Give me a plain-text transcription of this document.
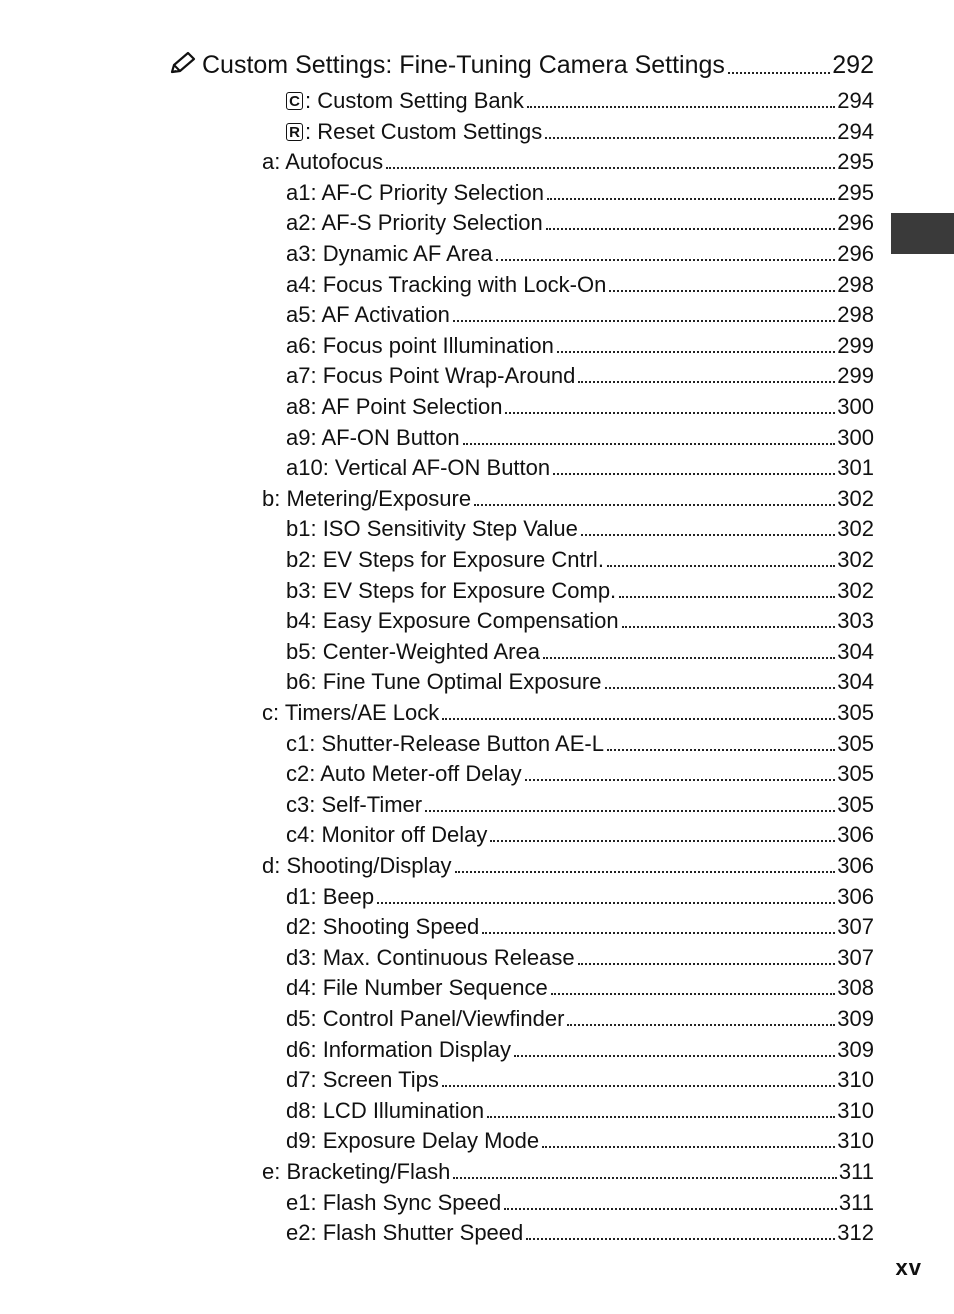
Custom Settings: Fine-Tuning Camera Settings	292
C : Custom Setting Bank	294
R : Reset Custom Settings	294
a: Autofocus	295
a1: AF-C Priority Selection	295
a2: AF-S Priority Selection	296
a3: Dynamic AF Area	296
a4: Focus Tracking with Lock-On	298
a5: AF Activation	298
a6: Focus point Illumination	299
a7: Focus Point Wrap-Around	299
a8: AF Point Selection	300
a9: AF-ON Button	300
a10: Vertical AF-ON Button	301
b: Metering/Exposure	302
b1: ISO Sensitivity Step Value	302
b2: EV Steps for Exposure Cntrl.	302
b3: EV Steps for Exposure Comp.	302
b4: Easy Exposure Compensation	303
b5: Center-Weighted Area	304
b6: Fine Tune Optimal Exposure	304
c: Timers/AE Lock	305
c1: Shutter-Release Button AE-L	305
c2: Auto Meter-off Delay	305
c3: Self-Timer	305
c4: Monitor off Delay	306
d: Shooting/Display	306
d1: Beep	306
d2: Shooting Speed	307
d3: Max. Continuous Release	307
d4: File Number Sequence	308
d5: Control Panel/Viewfinder	309
d6: Information Display	309
d7: Screen Tips	310
d8: LCD Illumination	310
d9: Exposure Delay Mode	310
e: Bracketing/Flash	311
e1: Flash Sync Speed	311
e2: Flash Shutter Speed	312
xv
